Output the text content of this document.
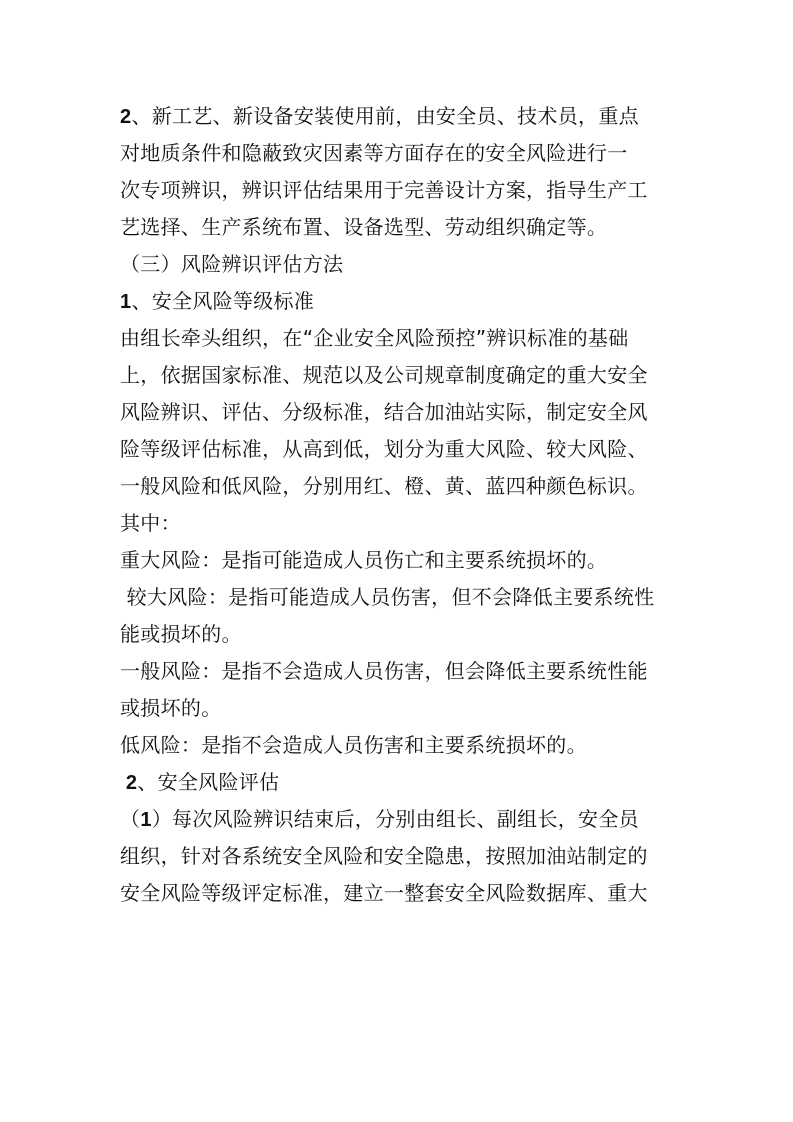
2、新工艺、新设备安装使用前，由安全员、技术员，重点
对地质条件和隐蔽致灾因素等方面存在的安全风险进行一
次专项辨识，辨识评估结果用于完善设计方案，指导生产工
艺选择、生产系统布置、设备选型、劳动组织确定等。
（三）风险辨识评估方法
1、安全风险等级标准
由组长牵头组织，在“企业安全风险预控”辨识标准的基础
上，依据国家标准、规范以及公司规章制度确定的重大安全
风险辨识、评估、分级标准，结合加油站实际，制定安全风
险等级评估标准，从高到低，划分为重大风险、较大风险、
一般风险和低风险，分别用红、橙、黄、蓝四种颜色标识。
其中：
重大风险：是指可能造成人员伤亡和主要系统损坏的。
较大风险：是指可能造成人员伤害，但不会降低主要系统性
能或损坏的。
一般风险：是指不会造成人员伤害，但会降低主要系统性能
或损坏的。
低风险：是指不会造成人员伤害和主要系统损坏的。
2、安全风险评估
（1）每次风险辨识结束后，分别由组长、副组长，安全员
组织，针对各系统安全风险和安全隐患，按照加油站制定的
安全风险等级评定标准，建立一整套安全风险数据库、重大
